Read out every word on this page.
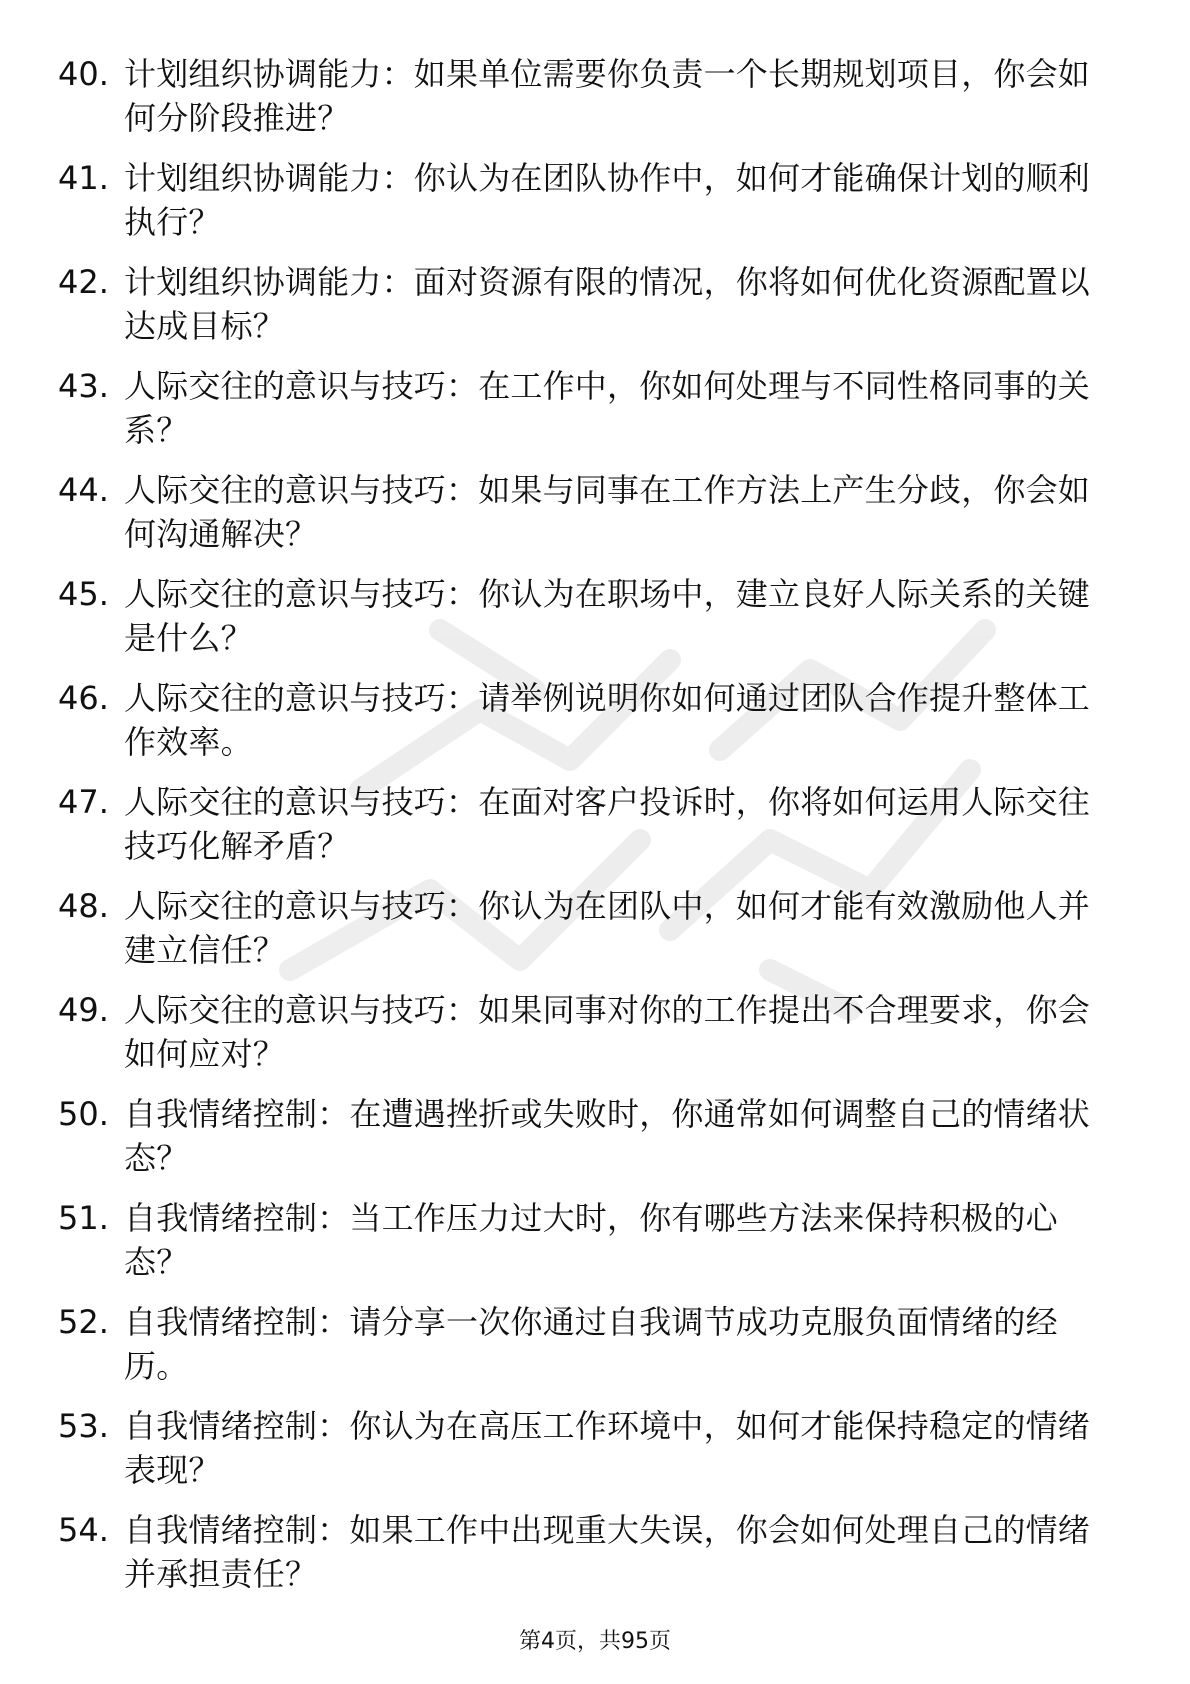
40. 计划组织协调能力：如果单位需要你负责一个长期规划项目，你会如何分阶段推进？
41. 计划组织协调能力：你认为在团队协作中，如何才能确保计划的顺利执行？
42. 计划组织协调能力：面对资源有限的情况，你将如何优化资源配置以达成目标？
43. 人际交往的意识与技巧：在工作中，你如何处理与不同性格同事的关系？
44. 人际交往的意识与技巧：如果与同事在工作方法上产生分歧，你会如何沟通解决？
45. 人际交往的意识与技巧：你认为在职场中，建立良好人际关系的关键是什么？
46. 人际交往的意识与技巧：请举例说明你如何通过团队合作提升整体工作效率。
47. 人际交往的意识与技巧：在面对客户投诉时，你将如何运用人际交往技巧化解矛盾？
48. 人际交往的意识与技巧：你认为在团队中，如何才能有效激励他人并建立信任？
49. 人际交往的意识与技巧：如果同事对你的工作提出不合理要求，你会如何应对？
50. 自我情绪控制：在遭遇挫折或失败时，你通常如何调整自己的情绪状态？
51. 自我情绪控制：当工作压力过大时，你有哪些方法来保持积极的心态？
52. 自我情绪控制：请分享一次你通过自我调节成功克服负面情绪的经历。
53. 自我情绪控制：你认为在高压工作环境中，如何才能保持稳定的情绪表现？
54. 自我情绪控制：如果工作中出现重大失误，你会如何处理自己的情绪并承担责任？
第4页，共95页
